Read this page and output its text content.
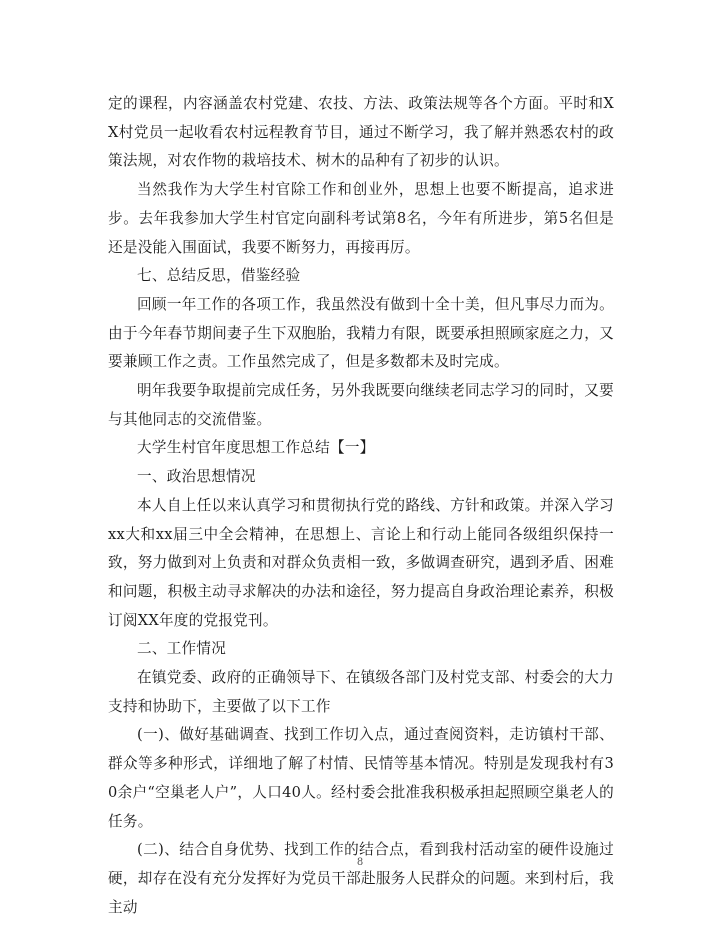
定的课程，内容涵盖农村党建、农技、方法、政策法规等各个方面。平时和XX村党员一起收看农村远程教育节目，通过不断学习，我了解并熟悉农村的政策法规，对农作物的栽培技术、树木的品种有了初步的认识。

当然我作为大学生村官除工作和创业外，思想上也要不断提高，追求进步。去年我参加大学生村官定向副科考试第8名，今年有所进步，第5名但是还是没能入围面试，我要不断努力，再接再厉。

七、总结反思，借鉴经验

回顾一年工作的各项工作，我虽然没有做到十全十美，但凡事尽力而为。由于今年春节期间妻子生下双胞胎，我精力有限，既要承担照顾家庭之力，又要兼顾工作之责。工作虽然完成了，但是多数都未及时完成。

明年我要争取提前完成任务，另外我既要向继续老同志学习的同时，又要与其他同志的交流借鉴。

大学生村官年度思想工作总结【一】

一、政治思想情况

本人自上任以来认真学习和贯彻执行党的路线、方针和政策。并深入学习xx大和xx届三中全会精神，在思想上、言论上和行动上能同各级组织保持一致，努力做到对上负责和对群众负责相一致，多做调查研究，遇到矛盾、困难和问题，积极主动寻求解决的办法和途径，努力提高自身政治理论素养，积极订阅XX年度的党报党刊。

二、工作情况

在镇党委、政府的正确领导下、在镇级各部门及村党支部、村委会的大力支持和协助下，主要做了以下工作

(一)、做好基础调查、找到工作切入点，通过查阅资料，走访镇村干部、群众等多种形式，详细地了解了村情、民情等基本情况。特别是发现我村有30余户“空巢老人户”，人口40人。经村委会批准我积极承担起照顾空巢老人的任务。

(二)、结合自身优势、找到工作的结合点，看到我村活动室的硬件设施过硬，却存在没有充分发挥好为党员干部赴服务人民群众的问题。来到村后，我主动

8
